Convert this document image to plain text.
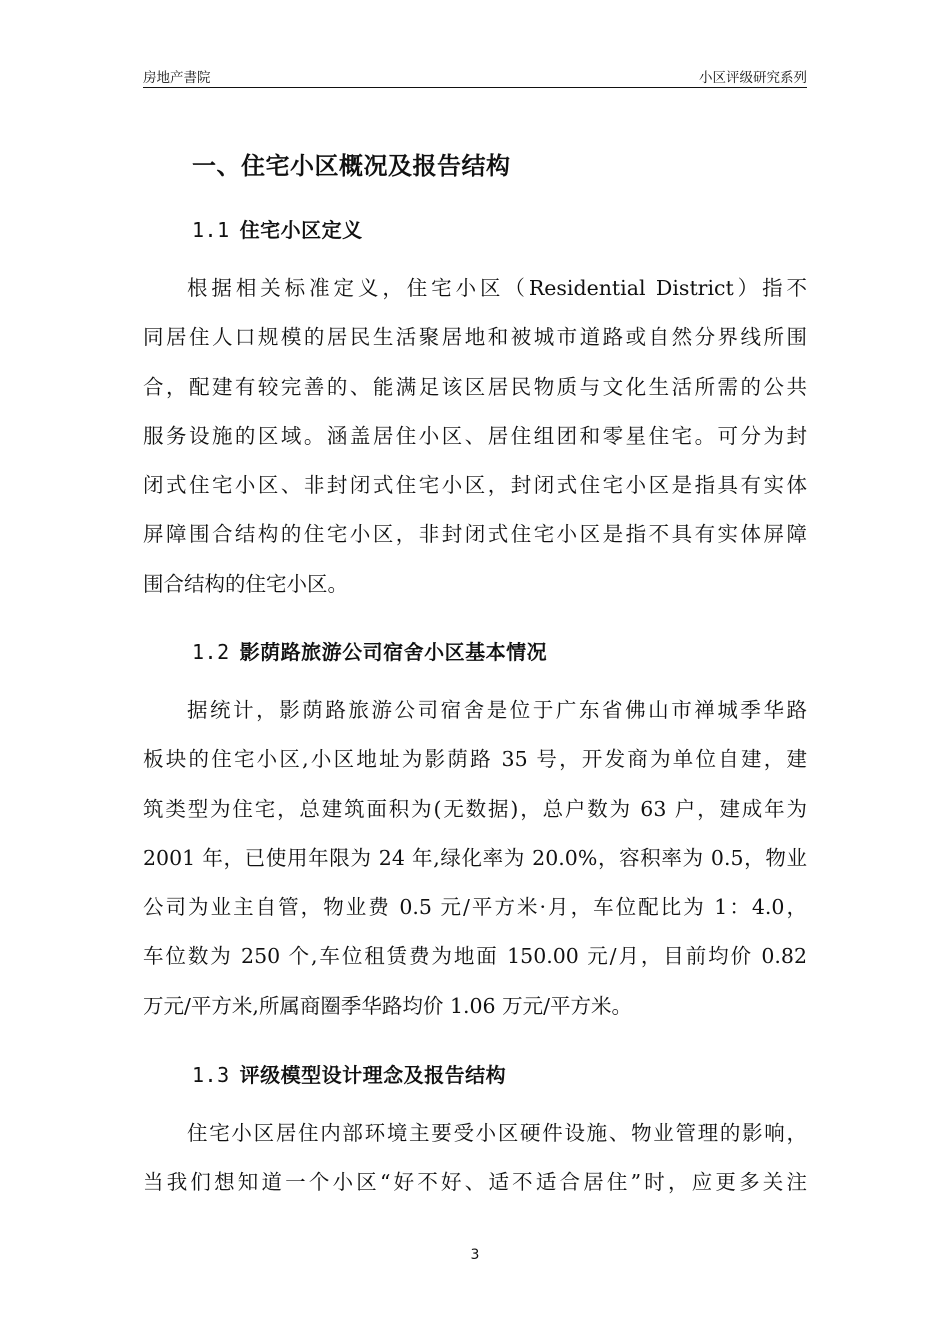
房地产書院	小区评级研究系列
一、住宅小区概况及报告结构
1.1 住宅小区定义
根据相关标准定义，住宅小区（Residential District）指不
同居住人口规模的居民生活聚居地和被城市道路或自然分界线所围
合，配建有较完善的、能满足该区居民物质与文化生活所需的公共
服务设施的区域。涵盖居住小区、居住组团和零星住宅。可分为封
闭式住宅小区、非封闭式住宅小区，封闭式住宅小区是指具有实体
屏障围合结构的住宅小区，非封闭式住宅小区是指不具有实体屏障
围合结构的住宅小区。
1.2 影荫路旅游公司宿舍小区基本情况
据统计，影荫路旅游公司宿舍是位于广东省佛山市禅城季华路
板块的住宅小区,小区地址为影荫路 35 号，开发商为单位自建，建
筑类型为住宅，总建筑面积为(无数据)，总户数为 63 户，建成年为
2001 年，已使用年限为 24 年,绿化率为 20.0%，容积率为 0.5，物业
公司为业主自管，物业费 0.5 元/平方米·月，车位配比为 1：4.0，
车位数为 250 个,车位租赁费为地面 150.00 元/月，目前均价 0.82
万元/平方米,所属商圈季华路均价 1.06 万元/平方米。
1.3 评级模型设计理念及报告结构
住宅小区居住内部环境主要受小区硬件设施、物业管理的影响，
当我们想知道一个小区“好不好、适不适合居住”时，应更多关注
3
